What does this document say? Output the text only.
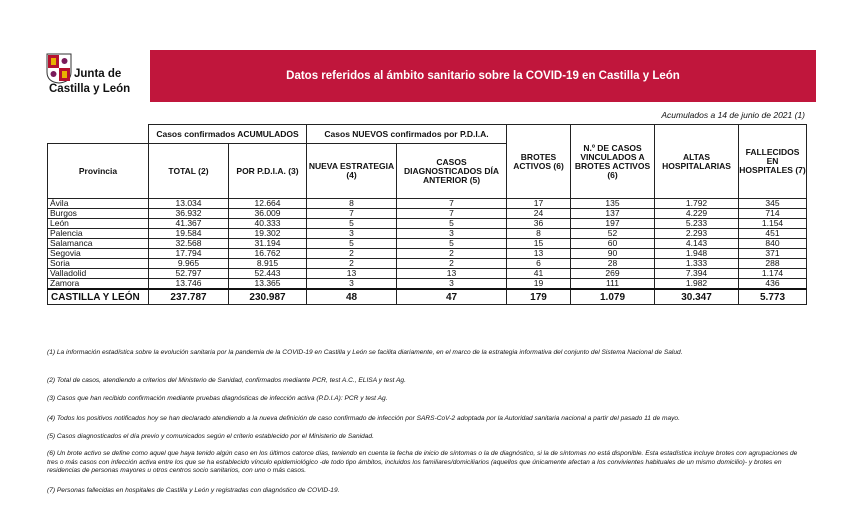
Junta de
Castilla y León
Datos referidos al ámbito sanitario sobre la COVID-19 en Castilla y León
Acumulados a 14 de junio de 2021 (1)
	Casos confirmados ACUMULADOS		Casos NUEVOS confirmados por P.D.I.A.		BROTES ACTIVOS (6)	N.º DE CASOS VINCULADOS A BROTES ACTIVOS (6)	ALTAS HOSPITALARIAS	FALLECIDOS EN HOSPITALES (7)
Provincia	TOTAL (2)	POR P.D.I.A. (3)	NUEVA ESTRATEGIA (4)	CASOS DIAGNOSTICADOS DÍA ANTERIOR (5)				
Ávila	13.034	12.664	8	7	17	135	1.792	345
Burgos	36.932	36.009	7	7	24	137	4.229	714
León	41.367	40.333	5	5	36	197	5.233	1.154
Palencia	19.584	19.302	3	3	8	52	2.293	451
Salamanca	32.568	31.194	5	5	15	60	4.143	840
Segovia	17.794	16.762	2	2	13	90	1.948	371
Soria	9.965	8.915	2	2	6	28	1.333	288
Valladolid	52.797	52.443	13	13	41	269	7.394	1.174
Zamora	13.746	13.365	3	3	19	111	1.982	436
CASTILLA Y LEÓN	237.787	230.987	48	47	179	1.079	30.347	5.773
(1) La información estadística sobre la evolución sanitaria por la pandemia de la COVID-19 en Castilla y León se facilita diariamente, en el marco de la estrategia informativa del conjunto del Sistema Nacional de Salud.
(2) Total de casos, atendiendo a criterios del Ministerio de Sanidad, confirmados mediante PCR, test A.C., ELISA y test Ag.
(3) Casos que han recibido confirmación mediante pruebas diagnósticas de infección activa (P.D.I.A): PCR y test Ag.
(4) Todos los positivos notificados hoy se han declarado atendiendo a la nueva definición de caso confirmado de infección por SARS-CoV-2 adoptada por la Autoridad sanitaria nacional a partir del pasado 11 de mayo.
(5) Casos diagnosticados el día previo y comunicados según el criterio establecido por el Ministerio de Sanidad.
(6) Un brote activo se define como aquel que haya tenido algún caso en los últimos catorce días, teniendo en cuenta la fecha de inicio de síntomas o la de diagnóstico, si la de síntomas no está disponible. Esta estadística incluye brotes con agrupaciones de tres o más casos con infección activa entre los que se ha establecido vínculo epidemiológico -de todo tipo ámbitos, incluidos los familiares/domiciliarios (aquellos que únicamente afectan a los convivientes habituales de un mismo domicilio)- y brotes en residencias de personas mayores u otros centros socio sanitarios, con uno o más casos.
(7) Personas fallecidas en hospitales de Castilla y León y registradas con diagnóstico de COVID-19.
